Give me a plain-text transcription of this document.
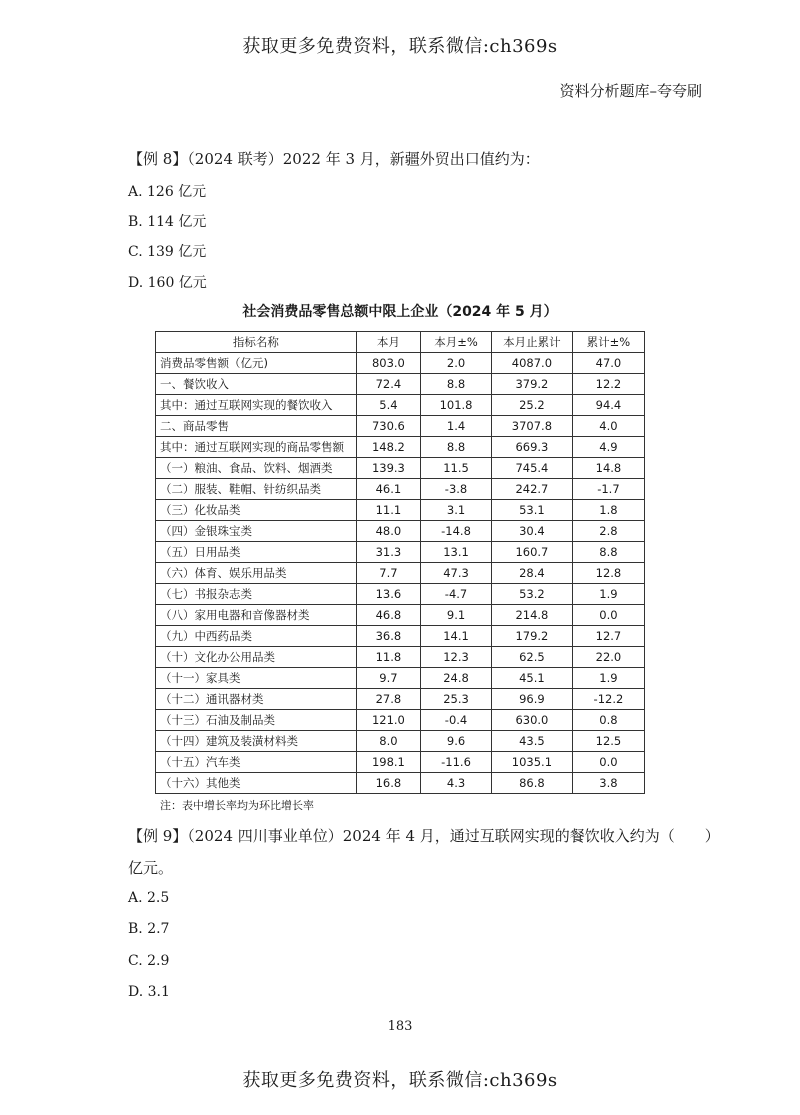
获取更多免费资料，联系微信:ch369s
资料分析题库–夸夸刷
【例 8】（2024 联考）2022 年 3 月，新疆外贸出口值约为：
A. 126 亿元
B. 114 亿元
C. 139 亿元
D. 160 亿元
社会消费品零售总额中限上企业（2024 年 5 月）
指标名称	本月	本月±%	本月止累计	累计±%
消费品零售额（亿元)	803.0	2.0	4087.0	47.0
一、餐饮收入	72.4	8.8	379.2	12.2
其中：通过互联网实现的餐饮收入	5.4	101.8	25.2	94.4
二、商品零售	730.6	1.4	3707.8	4.0
其中：通过互联网实现的商品零售额	148.2	8.8	669.3	4.9
（一）粮油、食品、饮料、烟酒类	139.3	11.5	745.4	14.8
（二）服装、鞋帽、针纺织品类	46.1	-3.8	242.7	-1.7
（三）化妆品类	11.1	3.1	53.1	1.8
（四）金银珠宝类	48.0	-14.8	30.4	2.8
（五）日用品类	31.3	13.1	160.7	8.8
（六）体育、娱乐用品类	7.7	47.3	28.4	12.8
（七）书报杂志类	13.6	-4.7	53.2	1.9
（八）家用电器和音像器材类	46.8	9.1	214.8	0.0
（九）中西药品类	36.8	14.1	179.2	12.7
（十）文化办公用品类	11.8	12.3	62.5	22.0
（十一）家具类	9.7	24.8	45.1	1.9
（十二）通讯器材类	27.8	25.3	96.9	-12.2
（十三）石油及制品类	121.0	-0.4	630.0	0.8
（十四）建筑及装潢材料类	8.0	9.6	43.5	12.5
（十五）汽车类	198.1	-11.6	1035.1	0.0
（十六）其他类	16.8	4.3	86.8	3.8
注：表中增长率均为环比增长率
【例 9】（2024 四川事业单位）2024 年 4 月，通过互联网实现的餐饮收入约为（　　）
亿元。
A. 2.5
B. 2.7
C. 2.9
D. 3.1
183
获取更多免费资料，联系微信:ch369s
